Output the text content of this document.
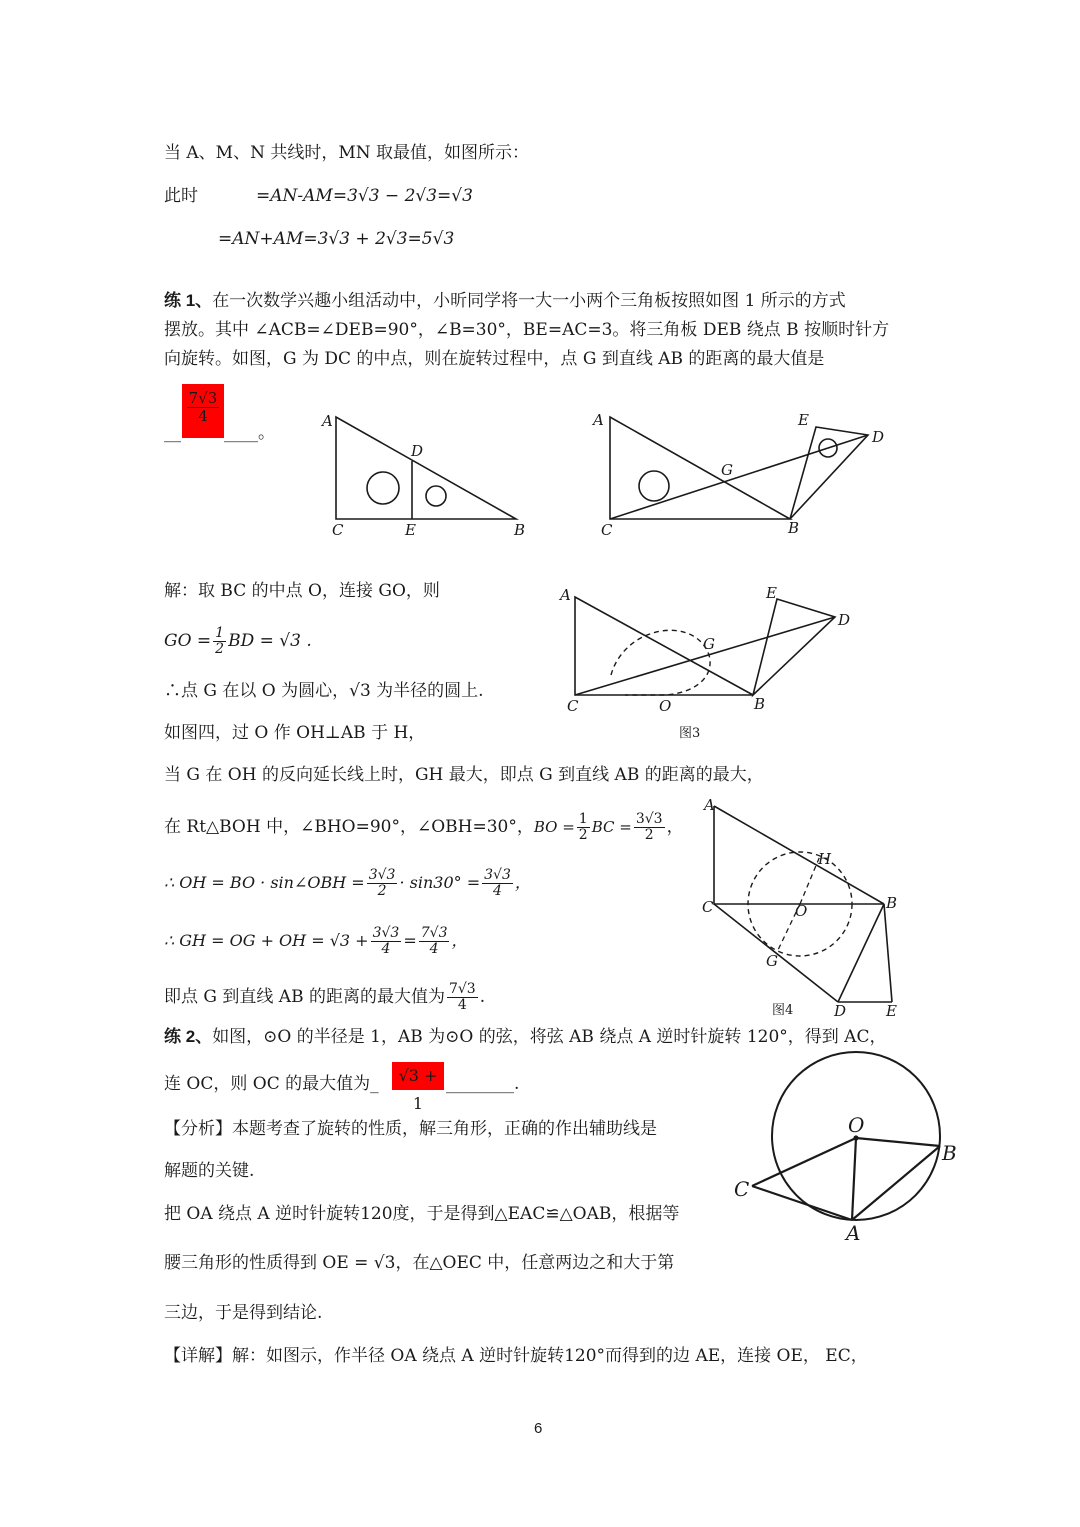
当 A、M、N 共线时，MN 取最值，如图所示：
此时	=AN-AM=3√3 − 2√3=√3
=AN+AM=3√3 + 2√3=5√3
练 1、在一次数学兴趣小组活动中，小昕同学将一大一小两个三角板按照如图 1 所示的方式
摆放。其中 ∠ACB=∠DEB=90°，∠B=30°，BE=AC=3。将三角板 DEB 绕点 B 按顺时针方
向旋转。如图，G 为 DC 的中点，则在旋转过程中，点 G 到直线 AB 的距离的最大值是
__
$\frac{7√3}{4}$
____。
A
D
C	E	B
A	E
D
G
C	B
解：取 BC 的中点 O，连接 GO，则
GO = $\frac{1}{2}$ BD = √3 .
∴点 G 在以 O 为圆心，√3 为半径的圆上.
如图四，过 O 作 OH⊥AB 于 H，
当 G 在 OH 的反向延长线上时，GH 最大，即点 G 到直线 AB 的距离的最大，
在 Rt△BOH 中，∠BHO=90°，∠OBH=30°，BO = $\frac{1}{2}$ BC = $\frac{3√3}{2}$ ，
∴ OH = BO · sin∠OBH = $\frac{3√3}{2} \cdot \sin 30^\circ = \frac{3√3}{4}$ ，
∴ GH = OG + OH = $√3 + \frac{3√3}{4} = \frac{7√3}{4}$ ，
即点 G 到直线 AB 的距离的最大值为 $\frac{7√3}{4}$ .
A	E
D
G
C	O	B
图3
A
H
C	O	B
G
D	E
图4
练 2、如图，⊙O 的半径是 1，AB 为⊙O 的弦，将弦 AB 绕点 A 逆时针旋转 120°，得到 AC，
连 OC，则 OC 的最大值为_	√3 + 1
________.
【分析】本题考查了旋转的性质，解三角形，正确的作出辅助线是
解题的关键.
把 OA 绕点 A 逆时针旋转120度，于是得到△EAC≌△OAB，根据等
腰三角形的性质得到 OE = √3，在△OEC 中，任意两边之和大于第
三边，于是得到结论.
【详解】解：如图示，作半径 OA 绕点 A 逆时针旋转120°而得到的边 AE，连接 OE， EC，
O
B
C
A
6
